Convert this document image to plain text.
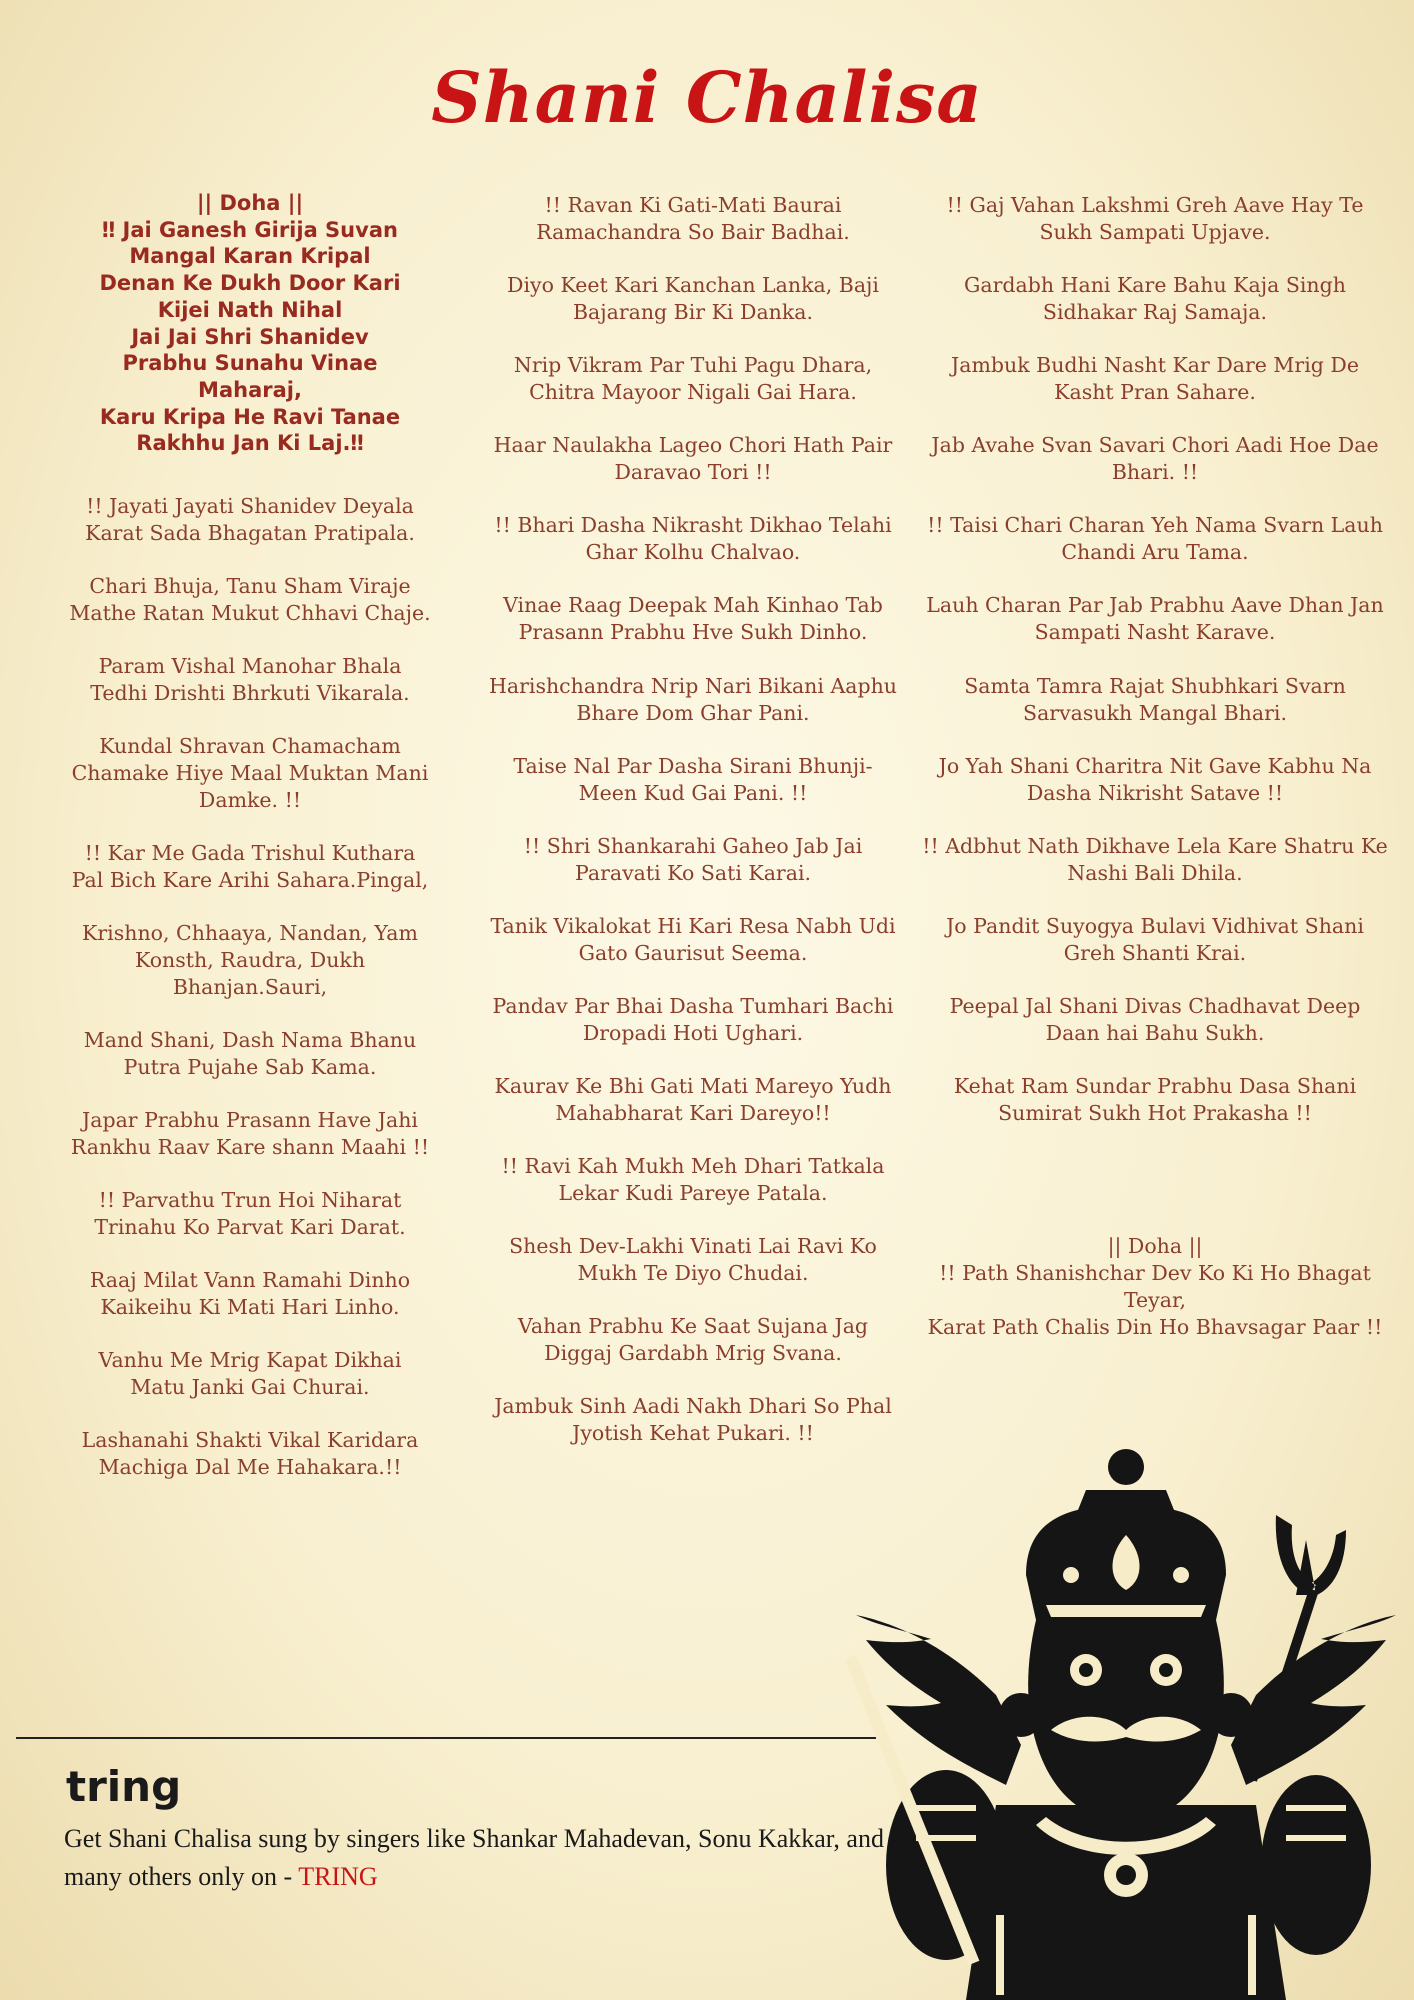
Shani Chalisa
|| Doha ||
‼ Jai Ganesh Girija Suvan
Mangal Karan Kripal
Denan Ke Dukh Door Kari
Kijei Nath Nihal
Jai Jai Shri Shanidev
Prabhu Sunahu Vinae
Maharaj,
Karu Kripa He Ravi Tanae
Rakhhu Jan Ki Laj.‼
!! Jayati Jayati Shanidev Deyala
Karat Sada Bhagatan Pratipala.
Chari Bhuja, Tanu Sham Viraje
Mathe Ratan Mukut Chhavi Chaje.
Param Vishal Manohar Bhala
Tedhi Drishti Bhrkuti Vikarala.
Kundal Shravan Chamacham
Chamake Hiye Maal Muktan Mani
Damke. !!
!! Kar Me Gada Trishul Kuthara
Pal Bich Kare Arihi Sahara.Pingal,
Krishno, Chhaaya, Nandan, Yam
Konsth, Raudra, Dukh
Bhanjan.Sauri,
Mand Shani, Dash Nama Bhanu
Putra Pujahe Sab Kama.
Japar Prabhu Prasann Have Jahi
Rankhu Raav Kare shann Maahi !!
!! Parvathu Trun Hoi Niharat
Trinahu Ko Parvat Kari Darat.
Raaj Milat Vann Ramahi Dinho
Kaikeihu Ki Mati Hari Linho.
Vanhu Me Mrig Kapat Dikhai
Matu Janki Gai Churai.
Lashanahi Shakti Vikal Karidara
Machiga Dal Me Hahakara.!!
!! Ravan Ki Gati-Mati Baurai
Ramachandra So Bair Badhai.
Diyo Keet Kari Kanchan Lanka, Baji
Bajarang Bir Ki Danka.
Nrip Vikram Par Tuhi Pagu Dhara,
Chitra Mayoor Nigali Gai Hara.
Haar Naulakha Lageo Chori Hath Pair
Daravao Tori !!
!! Bhari Dasha Nikrasht Dikhao Telahi
Ghar Kolhu Chalvao.
Vinae Raag Deepak Mah Kinhao Tab
Prasann Prabhu Hve Sukh Dinho.
Harishchandra Nrip Nari Bikani Aaphu
Bhare Dom Ghar Pani.
Taise Nal Par Dasha Sirani Bhunji-
Meen Kud Gai Pani. !!
!! Shri Shankarahi Gaheo Jab Jai
Paravati Ko Sati Karai.
Tanik Vikalokat Hi Kari Resa Nabh Udi
Gato Gaurisut Seema.
Pandav Par Bhai Dasha Tumhari Bachi
Dropadi Hoti Ughari.
Kaurav Ke Bhi Gati Mati Mareyo Yudh
Mahabharat Kari Dareyo!!
!! Ravi Kah Mukh Meh Dhari Tatkala
Lekar Kudi Pareye Patala.
Shesh Dev-Lakhi Vinati Lai Ravi Ko
Mukh Te Diyo Chudai.
Vahan Prabhu Ke Saat Sujana Jag
Diggaj Gardabh Mrig Svana.
Jambuk Sinh Aadi Nakh Dhari So Phal
Jyotish Kehat Pukari. !!
!! Gaj Vahan Lakshmi Greh Aave Hay Te
Sukh Sampati Upjave.
Gardabh Hani Kare Bahu Kaja Singh
Sidhakar Raj Samaja.
Jambuk Budhi Nasht Kar Dare Mrig De
Kasht Pran Sahare.
Jab Avahe Svan Savari Chori Aadi Hoe Dae
Bhari. !!
!! Taisi Chari Charan Yeh Nama Svarn Lauh
Chandi Aru Tama.
Lauh Charan Par Jab Prabhu Aave Dhan Jan
Sampati Nasht Karave.
Samta Tamra Rajat Shubhkari Svarn
Sarvasukh Mangal Bhari.
Jo Yah Shani Charitra Nit Gave Kabhu Na
Dasha Nikrisht Satave !!
!! Adbhut Nath Dikhave Lela Kare Shatru Ke
Nashi Bali Dhila.
Jo Pandit Suyogya Bulavi Vidhivat Shani
Greh Shanti Krai.
Peepal Jal Shani Divas Chadhavat Deep
Daan hai Bahu Sukh.
Kehat Ram Sundar Prabhu Dasa Shani
Sumirat Sukh Hot Prakasha !!
|| Doha ||
!! Path Shanishchar Dev Ko Ki Ho Bhagat
Teyar,
Karat Path Chalis Din Ho Bhavsagar Paar !!
tring
Get Shani Chalisa sung by singers like Shankar Mahadevan, Sonu Kakkar, and many others only on - TRING
